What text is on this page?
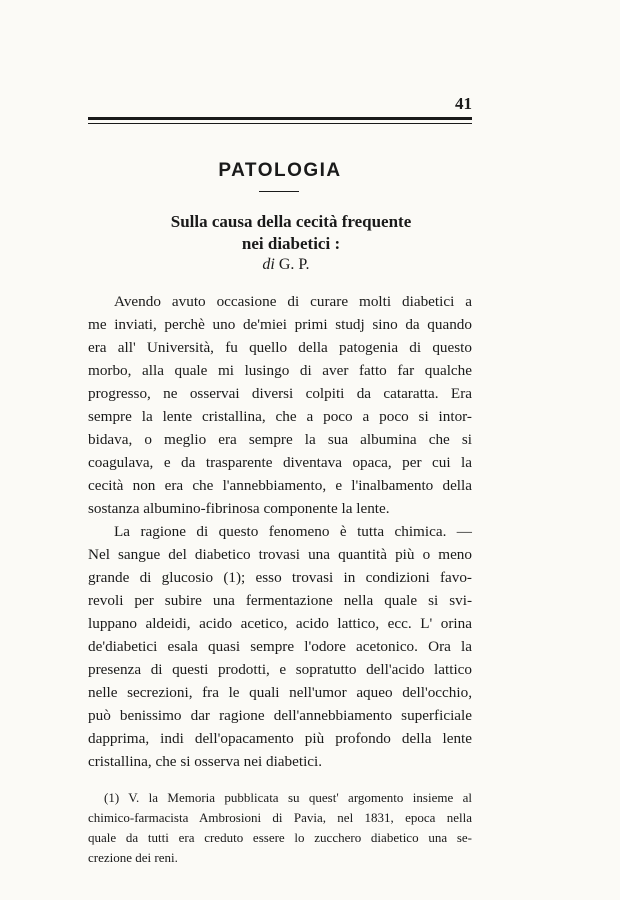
41
PATOLOGIA
Sulla causa della cecità frequente
nei diabetici :
di G. P.
Avendo avuto occasione di curare molti diabetici a
me inviati, perchè uno de'miei primi studj sino da quando
era all' Università, fu quello della patogenia di questo
morbo, alla quale mi lusingo di aver fatto far qualche
progresso, ne osservai diversi colpiti da cataratta. Era
sempre la lente cristallina, che a poco a poco si intor-
bidava, o meglio era sempre la sua albumina che si
coagulava, e da trasparente diventava opaca, per cui la
cecità non era che l'annebbiamento, e l'inalbamento della
sostanza albumino-fibrinosa componente la lente.
La ragione di questo fenomeno è tutta chimica. —
Nel sangue del diabetico trovasi una quantità più o meno
grande di glucosio (1); esso trovasi in condizioni favo-
revoli per subire una fermentazione nella quale si svi-
luppano aldeidi, acido acetico, acido lattico, ecc. L' orina
de'diabetici esala quasi sempre l'odore acetonico. Ora la
presenza di questi prodotti, e sopratutto dell'acido lattico
nelle secrezioni, fra le quali nell'umor aqueo dell'occhio,
può benissimo dar ragione dell'annebbiamento superficiale
dapprima, indi dell'opacamento più profondo della lente
cristallina, che si osserva nei diabetici.
(1) V. la Memoria pubblicata su quest' argomento insieme al
chimico-farmacista Ambrosioni di Pavia, nel 1831, epoca nella
quale da tutti era creduto essere lo zucchero diabetico una se-
crezione dei reni.
